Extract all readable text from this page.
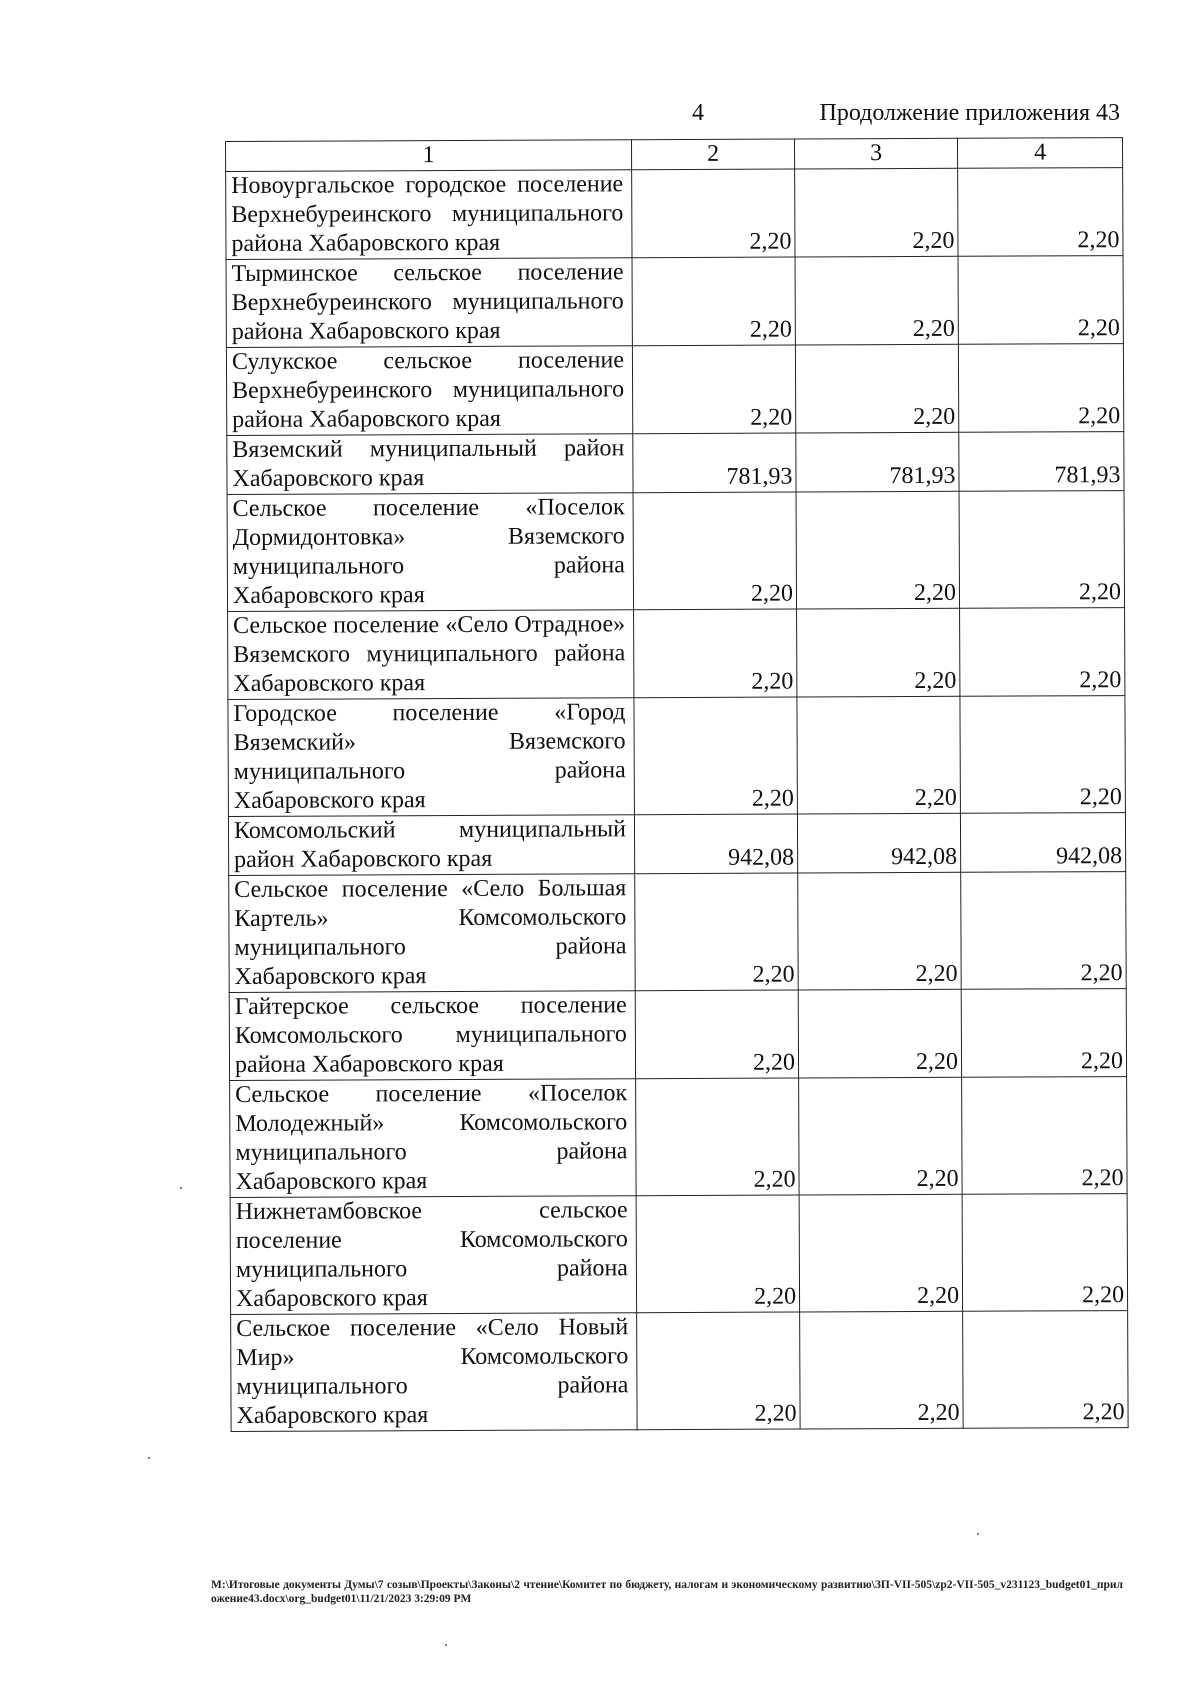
4	Продолжение приложения 43
1	2	3	4
Новоургальское городское поселение Верхнебуреинского муниципального района Хабаровского края	2,20	2,20	2,20
Тырминское сельское поселение Верхнебуреинского муниципального района Хабаровского края	2,20	2,20	2,20
Сулукское сельское поселение Верхнебуреинского муниципального района Хабаровского края	2,20	2,20	2,20
Вяземский муниципальный район Хабаровского края	781,93	781,93	781,93
Сельское поселение «Поселок Дормидонтовка» Вяземского муниципального района Хабаровского края	2,20	2,20	2,20
Сельское поселение «Село Отрадное» Вяземского муниципального района Хабаровского края	2,20	2,20	2,20
Городское поселение «Город Вяземский» Вяземского муниципального района Хабаровского края	2,20	2,20	2,20
Комсомольский муниципальный район Хабаровского края	942,08	942,08	942,08
Сельское поселение «Село Большая Картель» Комсомольского муниципального района Хабаровского края	2,20	2,20	2,20
Гайтерское сельское поселение Комсомольского муниципального района Хабаровского края	2,20	2,20	2,20
Сельское поселение «Поселок Молодежный» Комсомольского муниципального района Хабаровского края	2,20	2,20	2,20
Нижнетамбовское сельское поселение Комсомольского муниципального района Хабаровского края	2,20	2,20	2,20
Сельское поселение «Село Новый Мир» Комсомольского муниципального района Хабаровского края	2,20	2,20	2,20
М:\Итоговые документы Думы\7 созыв\Проекты\Законы\2 чтение\Комитет по бюджету, налогам и экономическому развитию\ЗП-VII-505\zp2-VII-505_v231123_budget01_приложение43.docx\org_budget01\11/21/2023 3:29:09 PM
